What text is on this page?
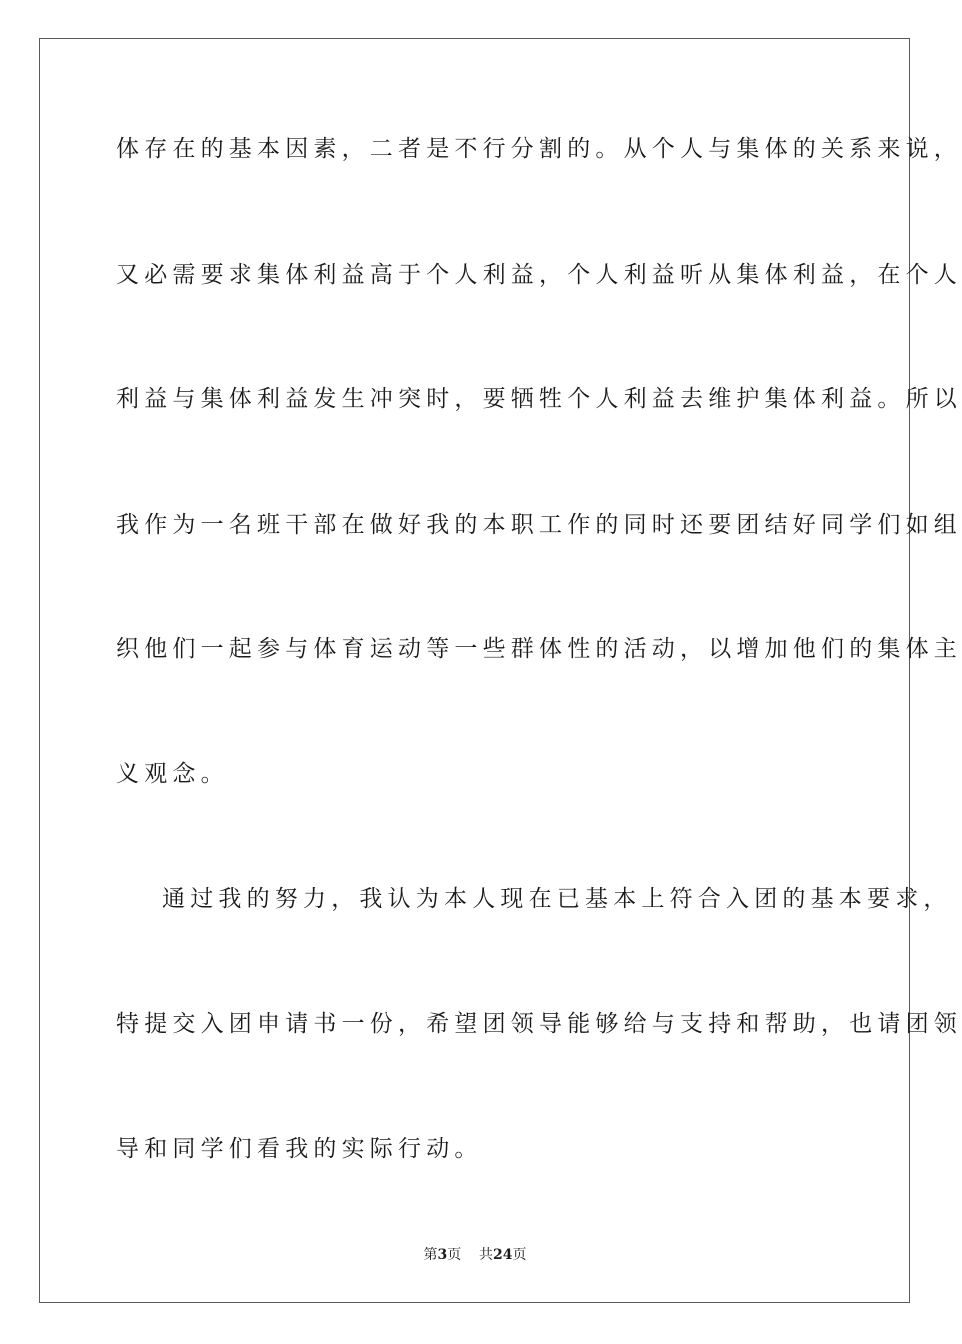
体存在的基本因素，二者是不行分割的。从个人与集体的关系来说，
又必需要求集体利益高于个人利益，个人利益听从集体利益，在个人
利益与集体利益发生冲突时，要牺牲个人利益去维护集体利益。所以
我作为一名班干部在做好我的本职工作的同时还要团结好同学们如组
织他们一起参与体育运动等一些群体性的活动，以增加他们的集体主
义观念。
通过我的努力，我认为本人现在已基本上符合入团的基本要求，
特提交入团申请书一份，希望团领导能够给与支持和帮助，也请团领
导和同学们看我的实际行动。
第3页 共24页
